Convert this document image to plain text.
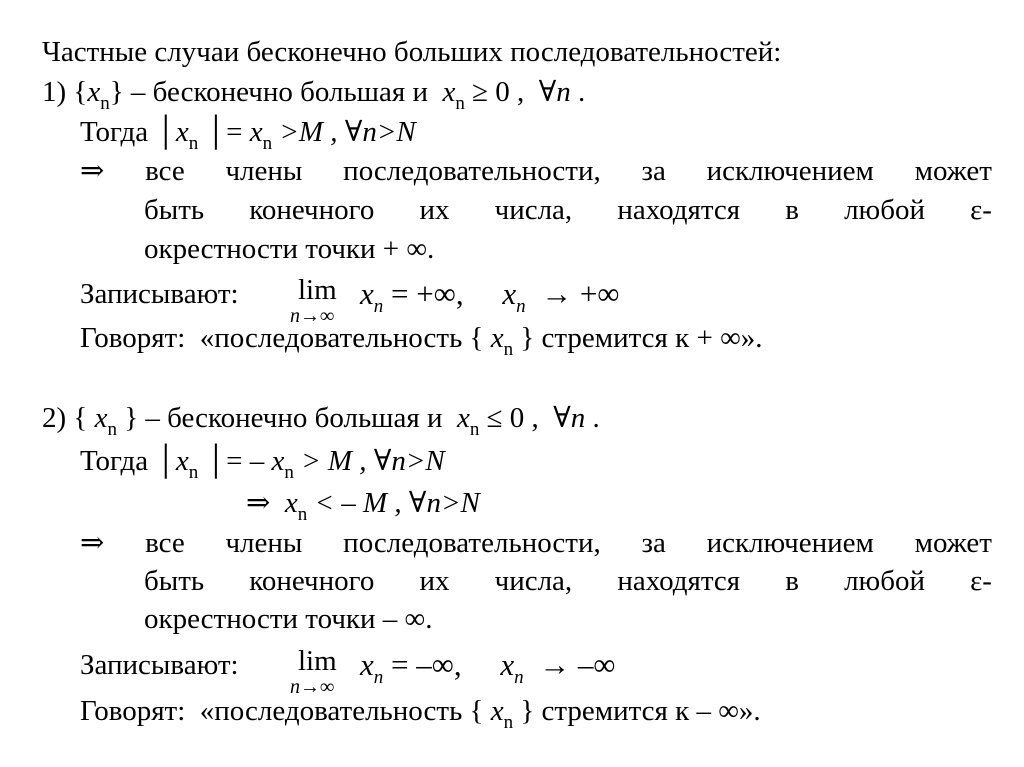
Частные случаи бесконечно больших последовательностей:
1) $\{x_n\}$ – бесконечно большая и $x_n \ge 0$ , ∀n .
Тогда $│x_n$ │= $x_n >M$ , ∀n>N
⇒ все члены последовательности, за исключением может
быть конечного их числа, находятся в любой ε-
окрестности точки + ∞.
Записывают: lim
n→∞
$x_n$ = +∞, $x_n$  → +∞
Говорят: «последовательность { $x_n$ } стремится к + ∞».
2) { $x_n$ } – бесконечно большая и $x_n \le 0$ , ∀n .
Тогда $│x_n$ │= – $x_n > M$ , ∀n>N
⇒ $x_n$ < – M , ∀n>N
⇒ все члены последовательности, за исключением может
быть конечного их числа, находятся в любой ε-
окрестности точки – ∞.
Записывают: lim
n→∞
$x_n$ = –∞, $x_n$  → –∞
Говорят: «последовательность { $x_n$ } стремится к – ∞».
